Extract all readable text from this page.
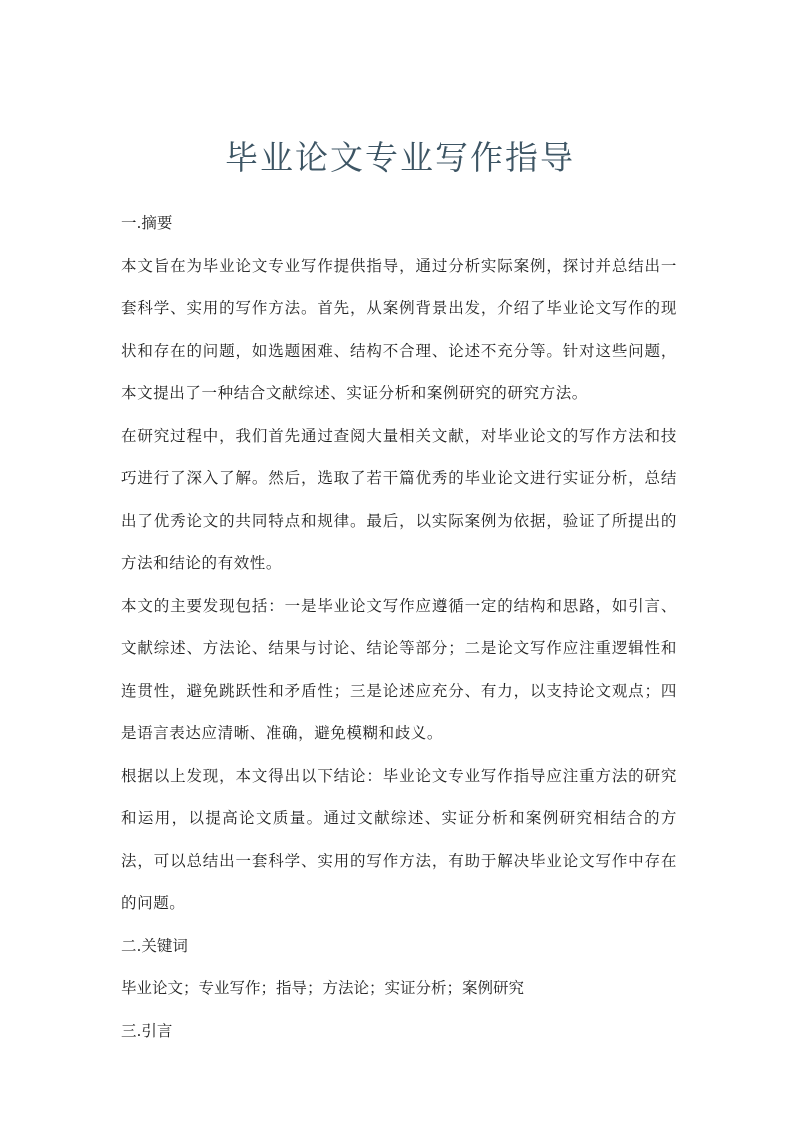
毕业论文专业写作指导

一.摘要

本文旨在为毕业论文专业写作提供指导，通过分析实际案例，探讨并总结出一套科学、实用的写作方法。首先，从案例背景出发，介绍了毕业论文写作的现状和存在的问题，如选题困难、结构不合理、论述不充分等。针对这些问题，本文提出了一种结合文献综述、实证分析和案例研究的研究方法。

在研究过程中，我们首先通过查阅大量相关文献，对毕业论文的写作方法和技巧进行了深入了解。然后，选取了若干篇优秀的毕业论文进行实证分析，总结出了优秀论文的共同特点和规律。最后，以实际案例为依据，验证了所提出的方法和结论的有效性。

本文的主要发现包括：一是毕业论文写作应遵循一定的结构和思路，如引言、文献综述、方法论、结果与讨论、结论等部分；二是论文写作应注重逻辑性和连贯性，避免跳跃性和矛盾性；三是论述应充分、有力，以支持论文观点；四是语言表达应清晰、准确，避免模糊和歧义。

根据以上发现，本文得出以下结论：毕业论文专业写作指导应注重方法的研究和运用，以提高论文质量。通过文献综述、实证分析和案例研究相结合的方法，可以总结出一套科学、实用的写作方法，有助于解决毕业论文写作中存在的问题。

二.关键词

毕业论文；专业写作；指导；方法论；实证分析；案例研究

三.引言
